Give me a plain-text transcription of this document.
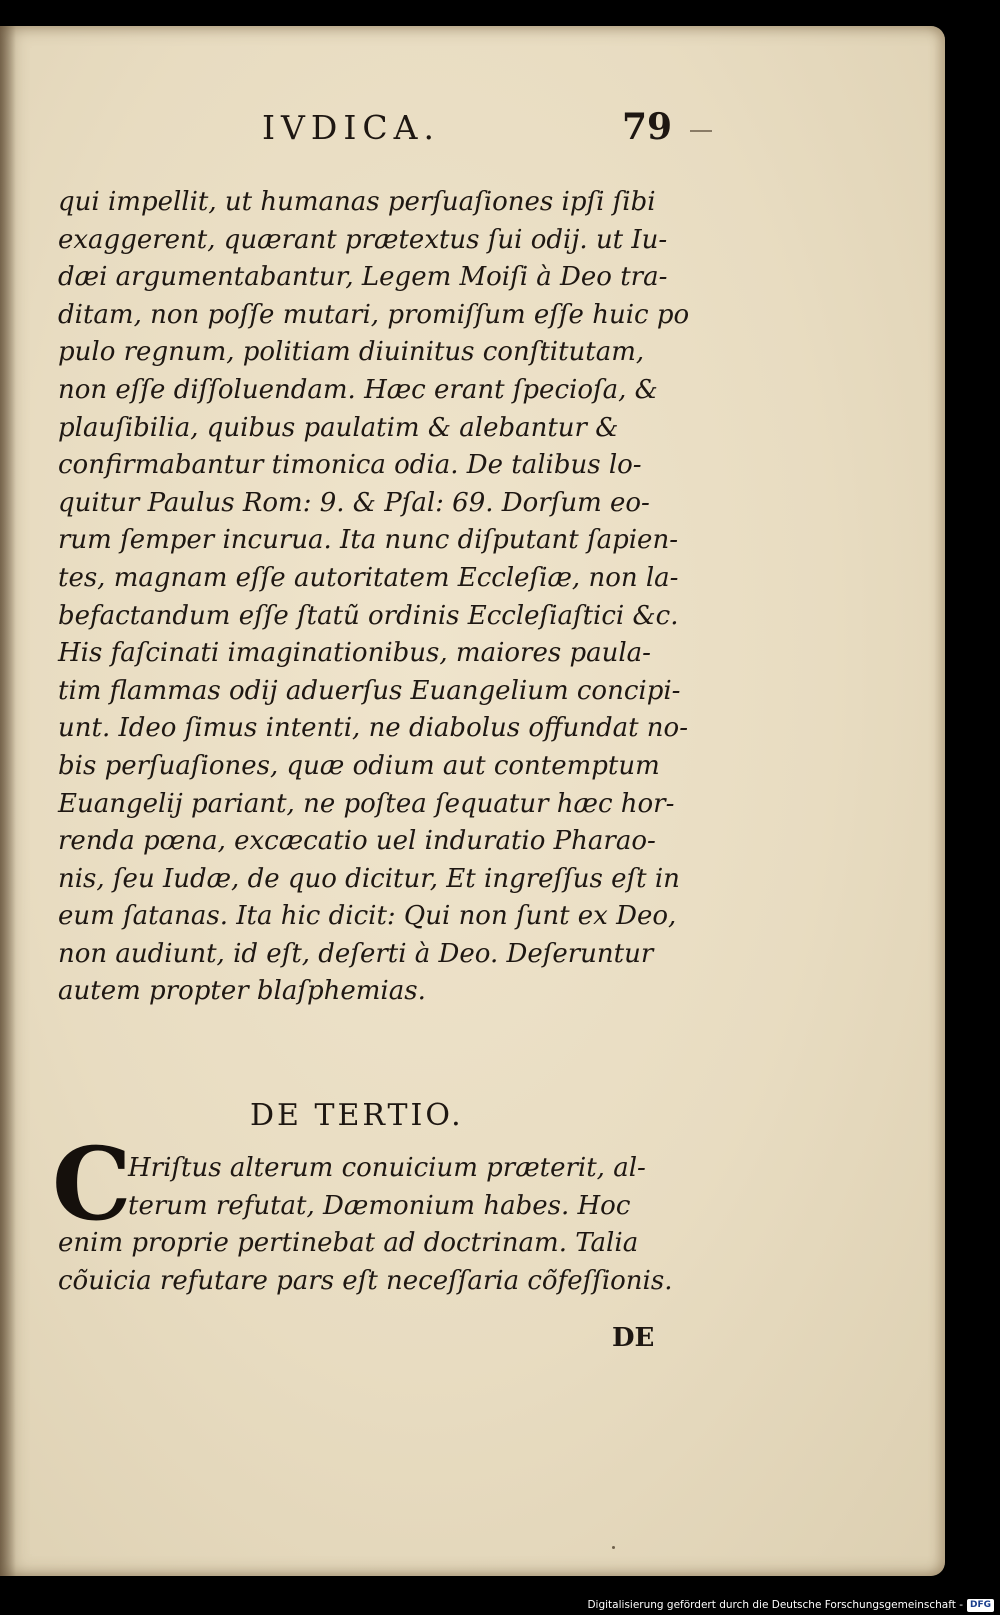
IVDICA.	79
qui impellit, ut humanas perſuaſiones ipſi ſibi
exaggerent, quærant prætextus ſui odij. ut Iu-
dæi argumentabantur, Legem Moiſi à Deo tra-
ditam, non poſſe mutari, promiſſum eſſe huic po
pulo regnum, politiam diuinitus conſtitutam,
non eſſe diſſoluendam. Hæc erant ſpecioſa, &
plauſibilia, quibus paulatim & alebantur &
confirmabantur timonica odia. De talibus lo-
quitur Paulus Rom: 9. & Pſal: 69. Dorſum eo-
rum ſemper incurua. Ita nunc diſputant ſapien-
tes, magnam eſſe autoritatem Eccleſiæ, non la-
befactandum eſſe ſtatũ ordinis Eccleſiaſtici &c.
His faſcinati imaginationibus, maiores paula-
tim flammas odij aduerſus Euangelium concipi-
unt. Ideo ſimus intenti, ne diabolus offundat no-
bis perſuaſiones, quæ odium aut contemptum
Euangelij pariant, ne poſtea ſequatur hæc hor-
renda pœna, excæcatio uel induratio Pharao-
nis, ſeu Iudæ, de quo dicitur, Et ingreſſus eſt in
eum ſatanas. Ita hic dicit: Qui non ſunt ex Deo,
non audiunt, id eſt, deſerti à Deo. Deſeruntur
autem propter blaſphemias.
DE TERTIO.
C
Hriſtus alterum conuicium præterit, al-
terum refutat, Dæmonium habes. Hoc
enim proprie pertinebat ad doctrinam. Talia
cõuicia refutare pars eſt neceſſaria cõfeſſionis.
DE
Digitalisierung gefördert durch die Deutsche Forschungsgemeinschaft - DFG
